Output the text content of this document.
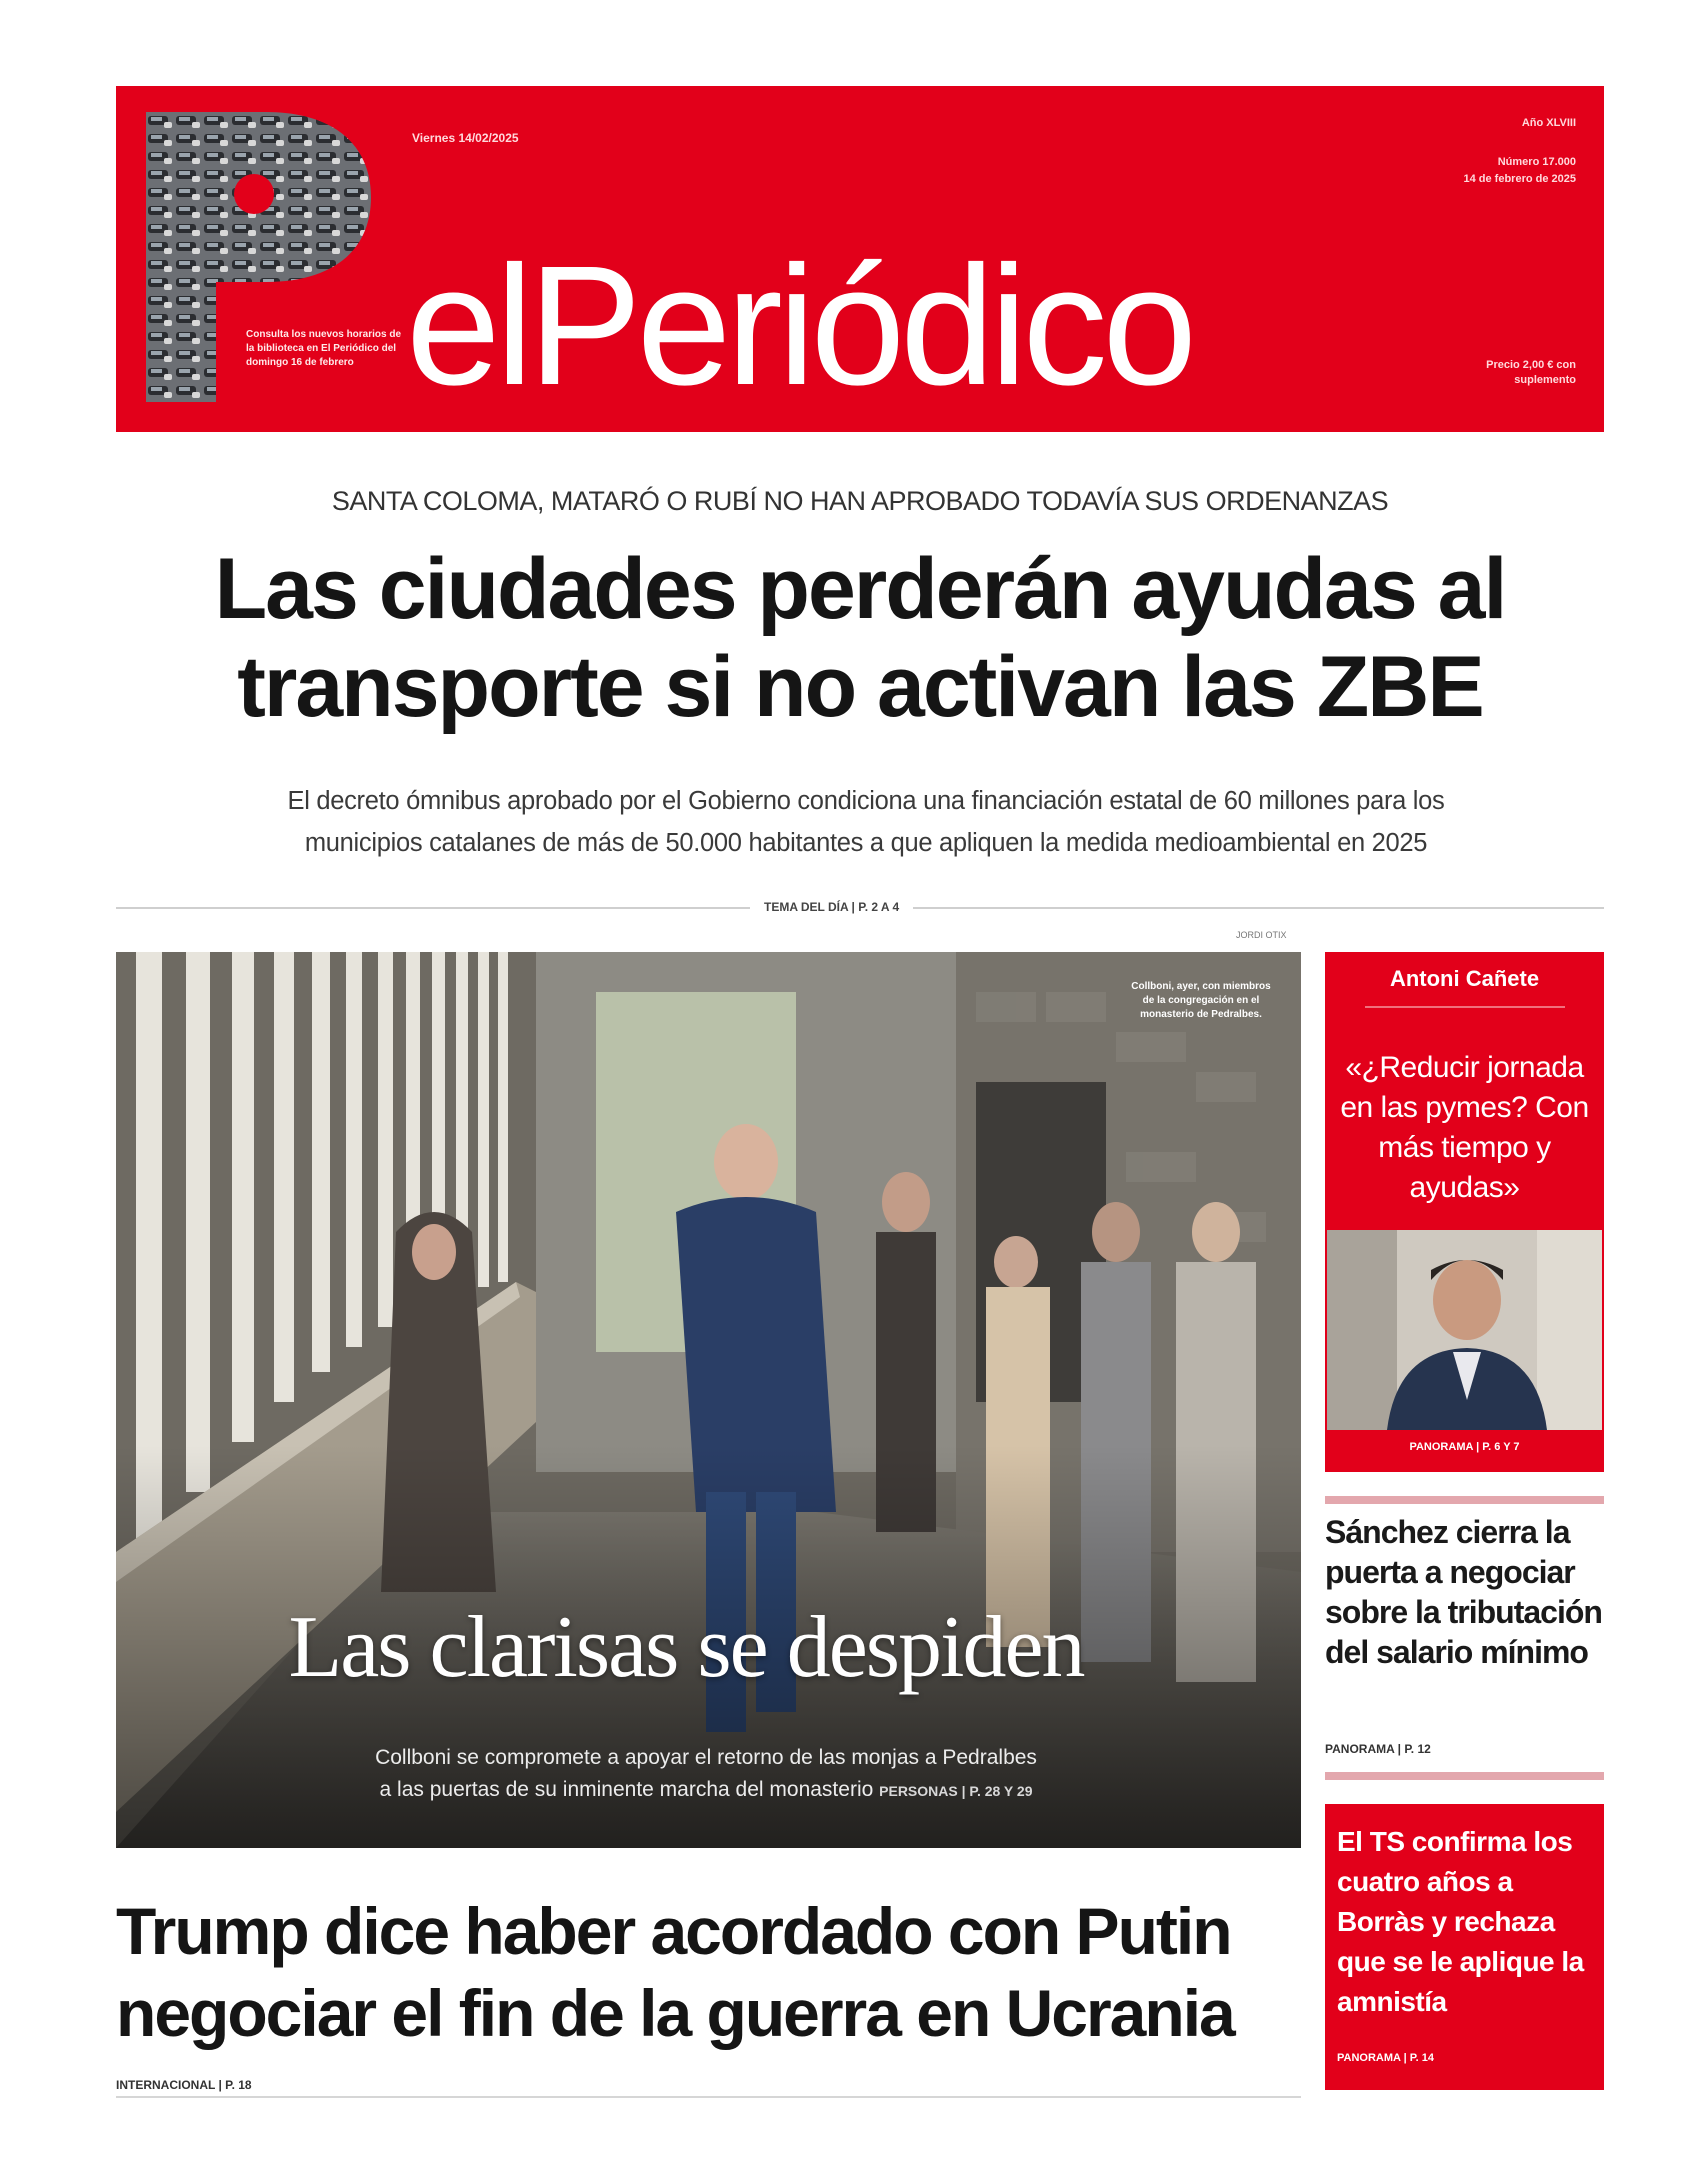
Consulta los nuevos horarios de la biblioteca en El Periódico del domingo 16 de febrero
Viernes 14/02/2025
elPeriódico
Año XLVIII
Número 17.000
14 de febrero de 2025
Precio 2,00 € con suplemento
SANTA COLOMA, MATARÓ O RUBÍ NO HAN APROBADO TODAVÍA SUS ORDENANZAS
Las ciudades perderán ayudas al
transporte si no activan las ZBE
El decreto ómnibus aprobado por el Gobierno condiciona una financiación estatal de 60 millones para los
municipios catalanes de más de 50.000 habitantes a que apliquen la medida medioambiental en 2025
TEMA DEL DÍA | P. 2 A 4
JORDI OTIX
Collboni, ayer, con miembros de la congregación en el monasterio de Pedralbes.
Las clarisas se despiden
Collboni se compromete a apoyar el retorno de las monjas a Pedralbes
a las puertas de su inminente marcha del monasterio PERSONAS | P. 28 Y 29
Antoni Cañete
«¿Reducir jornada en las pymes? Con más tiempo y ayudas»
PANORAMA | P. 6 Y 7
Sánchez cierra la puerta a negociar sobre la tributación del salario mínimo
PANORAMA | P. 12
El TS confirma los cuatro años a Borràs y rechaza que se le aplique la amnistía
PANORAMA | P. 14
Trump dice haber acordado con Putin
negociar el fin de la guerra en Ucrania
INTERNACIONAL | P. 18
